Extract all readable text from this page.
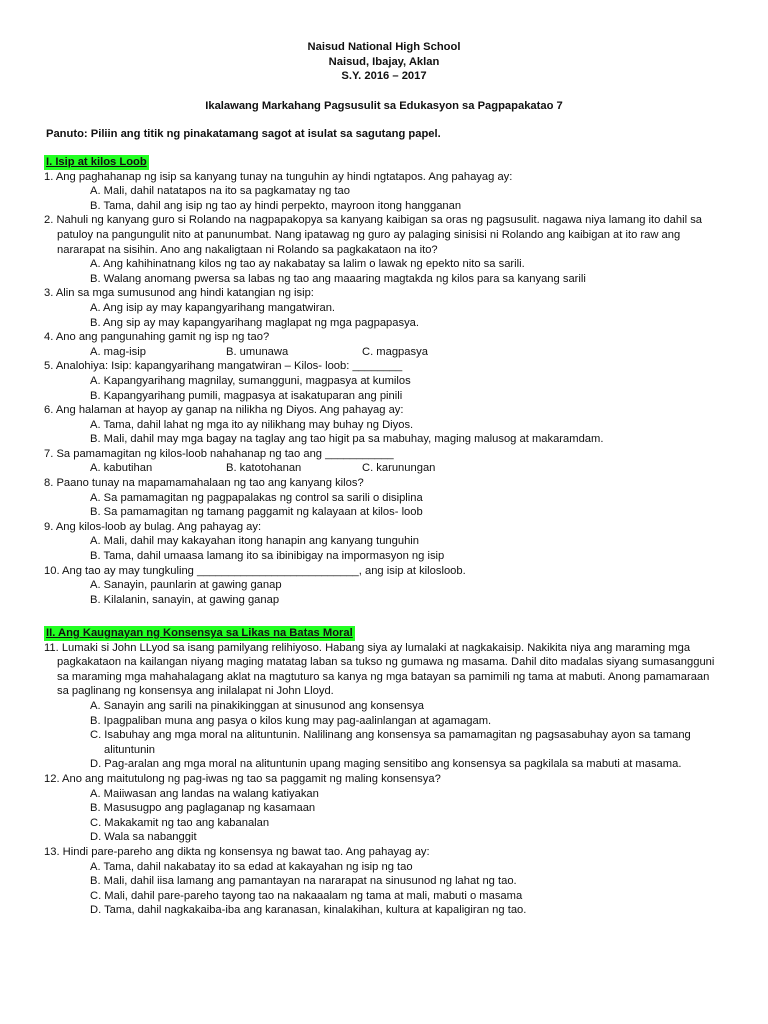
Naisud National High School
Naisud, Ibajay, Aklan
S.Y. 2016 – 2017
Ikalawang Markahang Pagsusulit sa Edukasyon sa Pagpapakatao 7
Panuto: Piliin ang titik ng pinakatamang sagot at isulat sa sagutang papel.
I. Isip at kilos Loob
1. Ang paghahanap ng isip sa kanyang tunay na tunguhin ay hindi ngtatapos. Ang pahayag ay:
A. Mali, dahil natatapos na ito sa pagkamatay ng tao
B. Tama, dahil ang isip ng tao ay hindi perpekto, mayroon itong hangganan
2. Nahuli ng kanyang guro si Rolando na nagpapakopya sa kanyang kaibigan sa oras ng pagsusulit. nagawa niya lamang ito dahil sa patuloy na pangungulit nito at panunumbat. Nang ipatawag ng guro ay palaging sinisisi ni Rolando ang kaibigan at ito raw ang nararapat na sisihin. Ano ang nakaligtaan ni Rolando sa pagkakataon na ito?
A. Ang kahihinatnang kilos ng tao ay nakabatay sa lalim o lawak ng epekto nito sa sarili.
B. Walang anomang pwersa sa labas ng tao ang maaaring magtakda ng kilos para sa kanyang sarili
3. Alin sa mga sumusunod ang hindi katangian ng isip:
A. Ang isip ay may kapangyarihang mangatwiran.
B. Ang sip ay may kapangyarihang maglapat ng mga pagpapasya.
4. Ano ang pangunahing gamit ng isp ng tao?
A. mag-isip	B. umunawa	C. magpasya
5. Analohiya: Isip: kapangyarihang mangatwiran – Kilos- loob: ________
A. Kapangyarihang magnilay, sumangguni, magpasya at kumilos
B. Kapangyarihang pumili, magpasya at isakatuparan ang pinili
6. Ang halaman at hayop ay ganap na nilikha ng Diyos. Ang pahayag ay:
A. Tama, dahil lahat ng mga ito ay nilikhang may buhay ng Diyos.
B. Mali, dahil may mga bagay na taglay ang tao higit pa sa mabuhay, maging malusog at makaramdam.
7. Sa pamamagitan ng kilos-loob nahahanap ng tao ang ___________
A. kabutihan	B. katotohanan	C. karunungan
8. Paano tunay na mapamamahalaan ng tao ang kanyang kilos?
A. Sa pamamagitan ng pagpapalakas ng control sa sarili o disiplina
B. Sa pamamagitan ng tamang paggamit ng kalayaan at kilos- loob
9. Ang kilos-loob ay bulag. Ang pahayag ay:
A. Mali, dahil may kakayahan itong hanapin ang kanyang tunguhin
B. Tama, dahil umaasa lamang ito sa ibinibigay na impormasyon ng isip
10. Ang tao ay may tungkuling __________________________, ang isip at kilosloob.
A. Sanayin, paunlarin at gawing ganap
B. Kilalanin, sanayin, at gawing ganap
II. Ang Kaugnayan ng Konsensya sa Likas na Batas Moral
11. Lumaki si John LLyod sa isang pamilyang relihiyoso. Habang siya ay lumalaki at nagkakaisip. Nakikita niya ang maraming mga pagkakataon na kailangan niyang maging matatag laban sa tukso ng gumawa ng masama. Dahil dito madalas siyang sumasangguni sa maraming mga mahahalagang aklat na magtuturo sa kanya ng mga batayan sa pamimili ng tama at mabuti. Anong pamamaraan sa paglinang ng konsensya ang inilalapat ni John Lloyd.
A. Sanayin ang sarili na pinakikinggan at sinusunod ang konsensya
B. Ipagpaliban muna ang pasya o kilos kung may pag-aalinlangan at agamagam.
C. Isabuhay ang mga moral na alituntunin. Nalilinang ang konsensya sa pamamagitan ng pagsasabuhay ayon sa tamang alituntunin
D. Pag-aralan ang mga moral na alituntunin upang maging sensitibo ang konsensya sa pagkilala sa mabuti at masama.
12. Ano ang maitutulong ng pag-iwas ng tao sa paggamit ng maling konsensya?
A. Maiiwasan ang landas na walang katiyakan
B. Masusugpo ang paglaganap ng kasamaan
C. Makakamit ng tao ang kabanalan
D. Wala sa nabanggit
13. Hindi pare-pareho ang dikta ng konsensya ng bawat tao. Ang pahayag ay:
A. Tama, dahil nakabatay ito sa edad at kakayahan ng isip ng tao
B. Mali, dahil iisa lamang ang pamantayan na nararapat na sinusunod ng lahat ng tao.
C. Mali, dahil pare-pareho tayong tao na nakaaalam ng tama at mali, mabuti o masama
D. Tama, dahil nagkakaiba-iba ang karanasan, kinalakihan, kultura at kapaligiran ng tao.
